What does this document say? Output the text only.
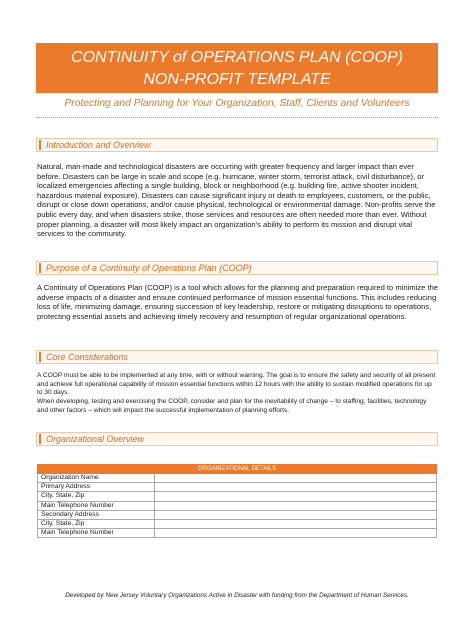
CONTINUITY of OPERATIONS PLAN (COOP)
NON-PROFIT TEMPLATE
Protecting and Planning for Your Organization, Staff, Clients and Volunteers
Introduction and Overview
Natural, man-made and technological disasters are occurring with greater frequency and larger impact than ever before. Disasters can be large in scale and scope (e.g. hurricane, winter storm, terrorist attack, civil disturbance), or localized emergencies affecting a single building, block or neighborhood (e.g. building fire, active shooter incident, hazardous material exposure). Disasters can cause significant injury or death to employees, customers, or the public, disrupt or close down operations, and/or cause physical, technological or environmental damage. Non-profits serve the public every day, and when disasters strike, those services and resources are often needed more than ever. Without proper planning, a disaster will most likely impact an organization's ability to perform its mission and disrupt vital services to the community.
Purpose of a Continuity of Operations Plan (COOP)
A Continuity of Operations Plan (COOP) is a tool which allows for the planning and preparation required to minimize the adverse impacts of a disaster and ensure continued performance of mission essential functions. This includes reducing loss of life, minimizing damage, ensuring succession of key leadership, restore or mitigating disruptions to operations, protecting essential assets and achieving timely recovery and resumption of regular organizational operations.
Core Considerations
A COOP must be able to be implemented at any time, with or without warning. The goal is to ensure the safety and security of all present and achieve full operational capability of mission essential functions within 12 hours with the ability to sustain modified operations for up to 30 days.
When developing, testing and exercising the COOP, consider and plan for the inevitability of change – to staffing, facilities, technology and other factors – which will impact the successful implementation of planning efforts.
Organizational Overview
ORGANIZATIONAL DETAILS	
Organization Name	
Primary Address	
City, State, Zip	
Main Telephone Number	
Secondary Address	
City, State, Zip	
Main Telephone Number	
Developed by New Jersey Voluntary Organizations Active in Disaster with funding from the Department of Human Services.
